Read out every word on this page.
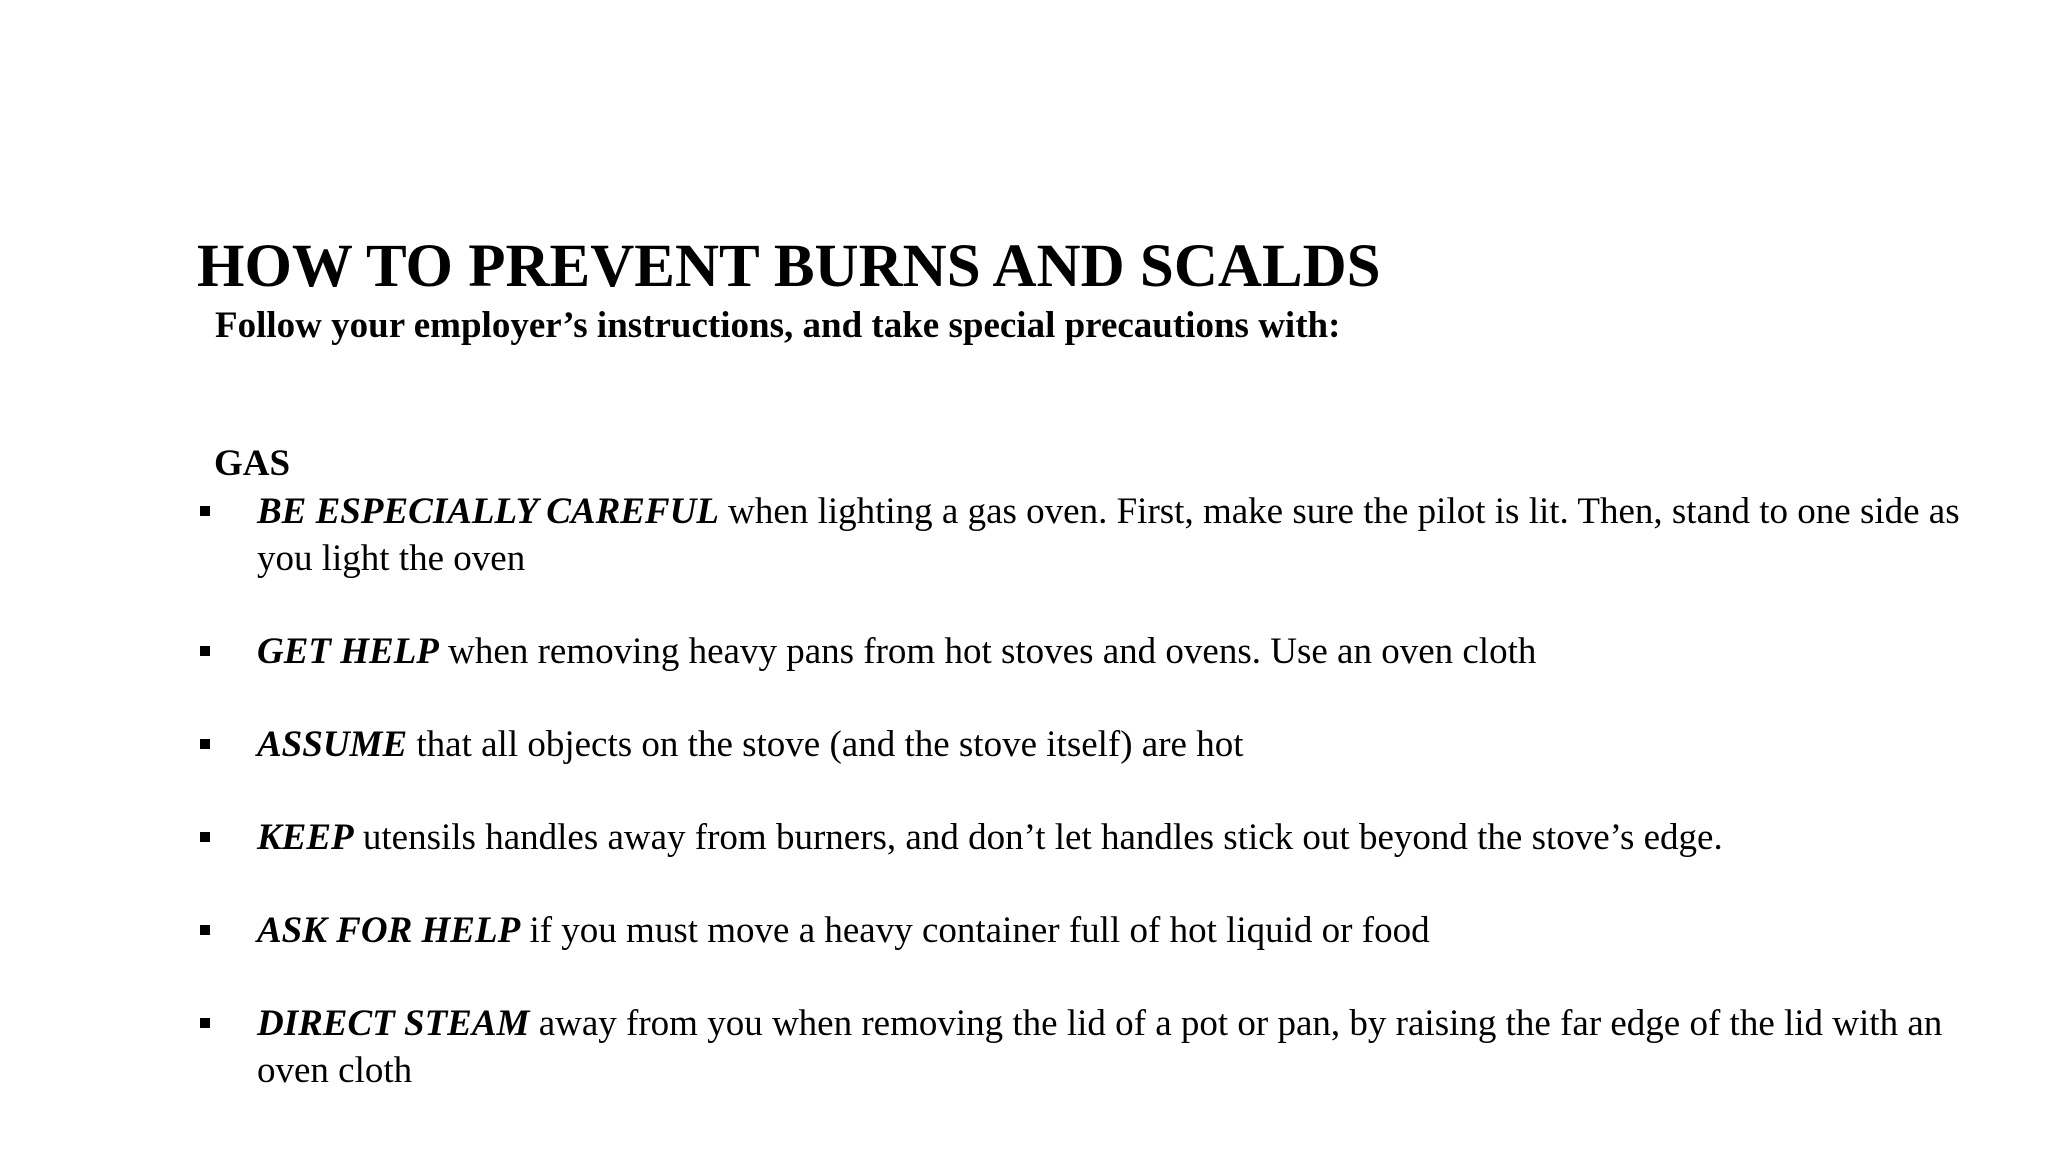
HOW TO PREVENT BURNS AND SCALDS

Follow your employer’s instructions, and take special precautions with:

GAS

BE ESPECIALLY CAREFUL when lighting a gas oven. First, make sure the pilot is lit. Then, stand to one side as you light the oven
GET HELP when removing heavy pans from hot stoves and ovens. Use an oven cloth
ASSUME that all objects on the stove (and the stove itself) are hot
KEEP utensils handles away from burners, and don’t let handles stick out beyond the stove’s edge.
ASK FOR HELP if you must move a heavy container full of hot liquid or food
DIRECT STEAM away from you when removing the lid of a pot or pan, by raising the far edge of the lid with an oven cloth
